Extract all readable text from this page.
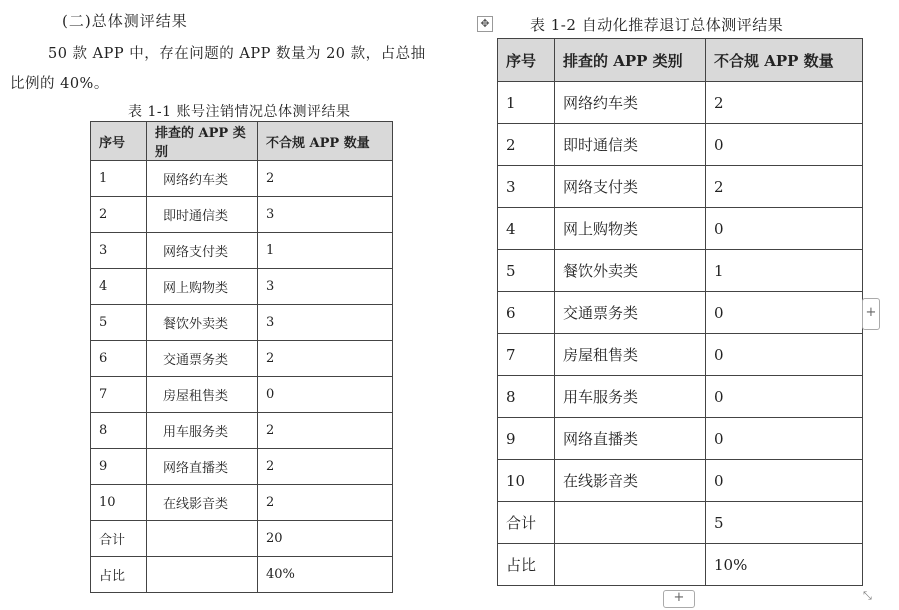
(二)总体测评结果
50 款 APP 中，存在问题的 APP 数量为 20 款，占总抽
比例的 40%。
表 1-1 账号注销情况总体测评结果
序号	排查的 APP 类别	不合规 APP 数量
1	网络约车类	2
2	即时通信类	3
3	网络支付类	1
4	网上购物类	3
5	餐饮外卖类	3
6	交通票务类	2
7	房屋租售类	0
8	用车服务类	2
9	网络直播类	2
10	在线影音类	2
合计		20
占比		40%
✥	表 1-2 自动化推荐退订总体测评结果
序号	排查的 APP 类别	不合规 APP 数量
1	网络约车类	2
2	即时通信类	0
3	网络支付类	2
4	网上购物类	0
5	餐饮外卖类	1
6	交通票务类	0
7	房屋租售类	0
8	用车服务类	0
9	网络直播类	0
10	在线影音类	0
合计		5
占比		10%
+
+	⤡
